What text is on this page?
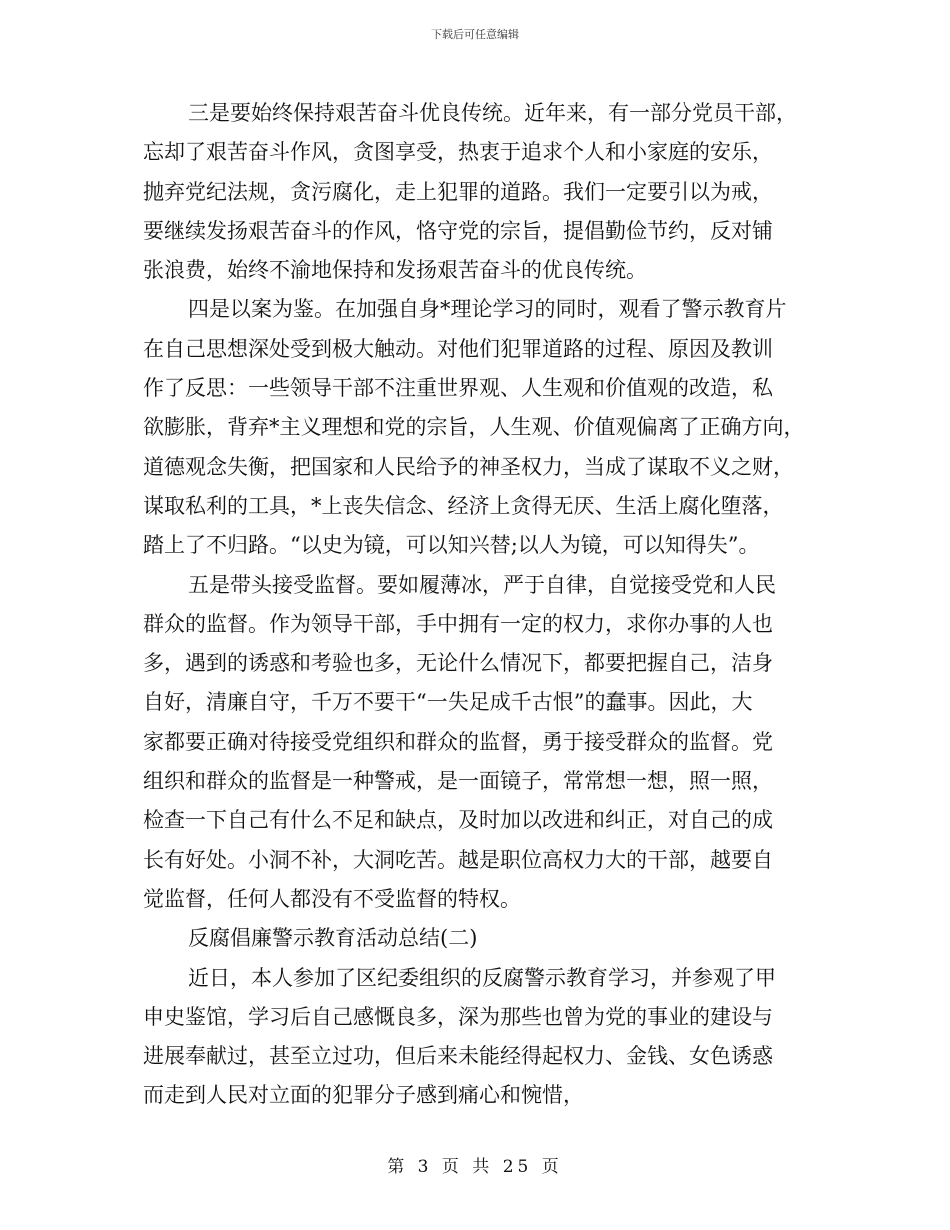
下载后可任意编辑
三是要始终保持艰苦奋斗优良传统。近年来，有一部分党员干部，
忘却了艰苦奋斗作风，贪图享受，热衷于追求个人和小家庭的安乐，
抛弃党纪法规，贪污腐化，走上犯罪的道路。我们一定要引以为戒，
要继续发扬艰苦奋斗的作风，恪守党的宗旨，提倡勤俭节约，反对铺
张浪费，始终不渝地保持和发扬艰苦奋斗的优良传统。
四是以案为鉴。在加强自身*理论学习的同时，观看了警示教育片
在自己思想深处受到极大触动。对他们犯罪道路的过程、原因及教训
作了反思：一些领导干部不注重世界观、人生观和价值观的改造，私
欲膨胀，背弃*主义理想和党的宗旨，人生观、价值观偏离了正确方向，
道德观念失衡，把国家和人民给予的神圣权力，当成了谋取不义之财，
谋取私利的工具，*上丧失信念、经济上贪得无厌、生活上腐化堕落，
踏上了不归路。“以史为镜，可以知兴替;以人为镜，可以知得失”。
五是带头接受监督。要如履薄冰，严于自律，自觉接受党和人民
群众的监督。作为领导干部，手中拥有一定的权力，求你办事的人也
多，遇到的诱惑和考验也多，无论什么情况下，都要把握自己，洁身
自好，清廉自守，千万不要干“一失足成千古恨”的蠢事。因此，大
家都要正确对待接受党组织和群众的监督，勇于接受群众的监督。党
组织和群众的监督是一种警戒，是一面镜子，常常想一想，照一照，
检查一下自己有什么不足和缺点，及时加以改进和纠正，对自己的成
长有好处。小洞不补，大洞吃苦。越是职位高权力大的干部，越要自
觉监督，任何人都没有不受监督的特权。
反腐倡廉警示教育活动总结(二)
近日，本人参加了区纪委组织的反腐警示教育学习，并参观了甲
申史鉴馆，学习后自己感慨良多，深为那些也曾为党的事业的建设与
进展奉献过，甚至立过功，但后来未能经得起权力、金钱、女色诱惑
而走到人民对立面的犯罪分子感到痛心和惋惜，
第 3 页 共 25 页
